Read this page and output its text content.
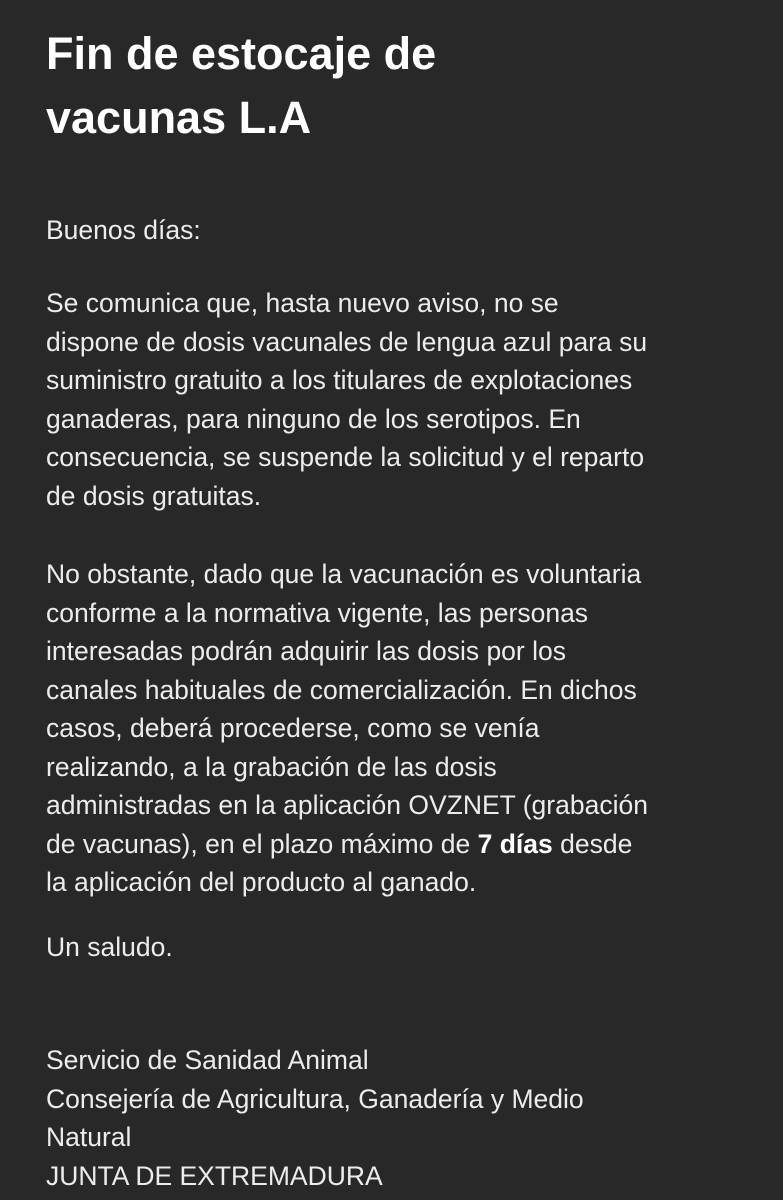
Fin de estocaje de
vacunas L.A

Buenos días:

Se comunica que, hasta nuevo aviso, no se
dispone de dosis vacunales de lengua azul para su
suministro gratuito a los titulares de explotaciones
ganaderas, para ninguno de los serotipos. En
consecuencia, se suspende la solicitud y el reparto
de dosis gratuitas.

No obstante, dado que la vacunación es voluntaria
conforme a la normativa vigente, las personas
interesadas podrán adquirir las dosis por los
canales habituales de comercialización. En dichos
casos, deberá procederse, como se venía
realizando, a la grabación de las dosis
administradas en la aplicación OVZNET (grabación
de vacunas), en el plazo máximo de 7 días desde
la aplicación del producto al ganado.

Un saludo.

Servicio de Sanidad Animal
Consejería de Agricultura, Ganadería y Medio
Natural
JUNTA DE EXTREMADURA
